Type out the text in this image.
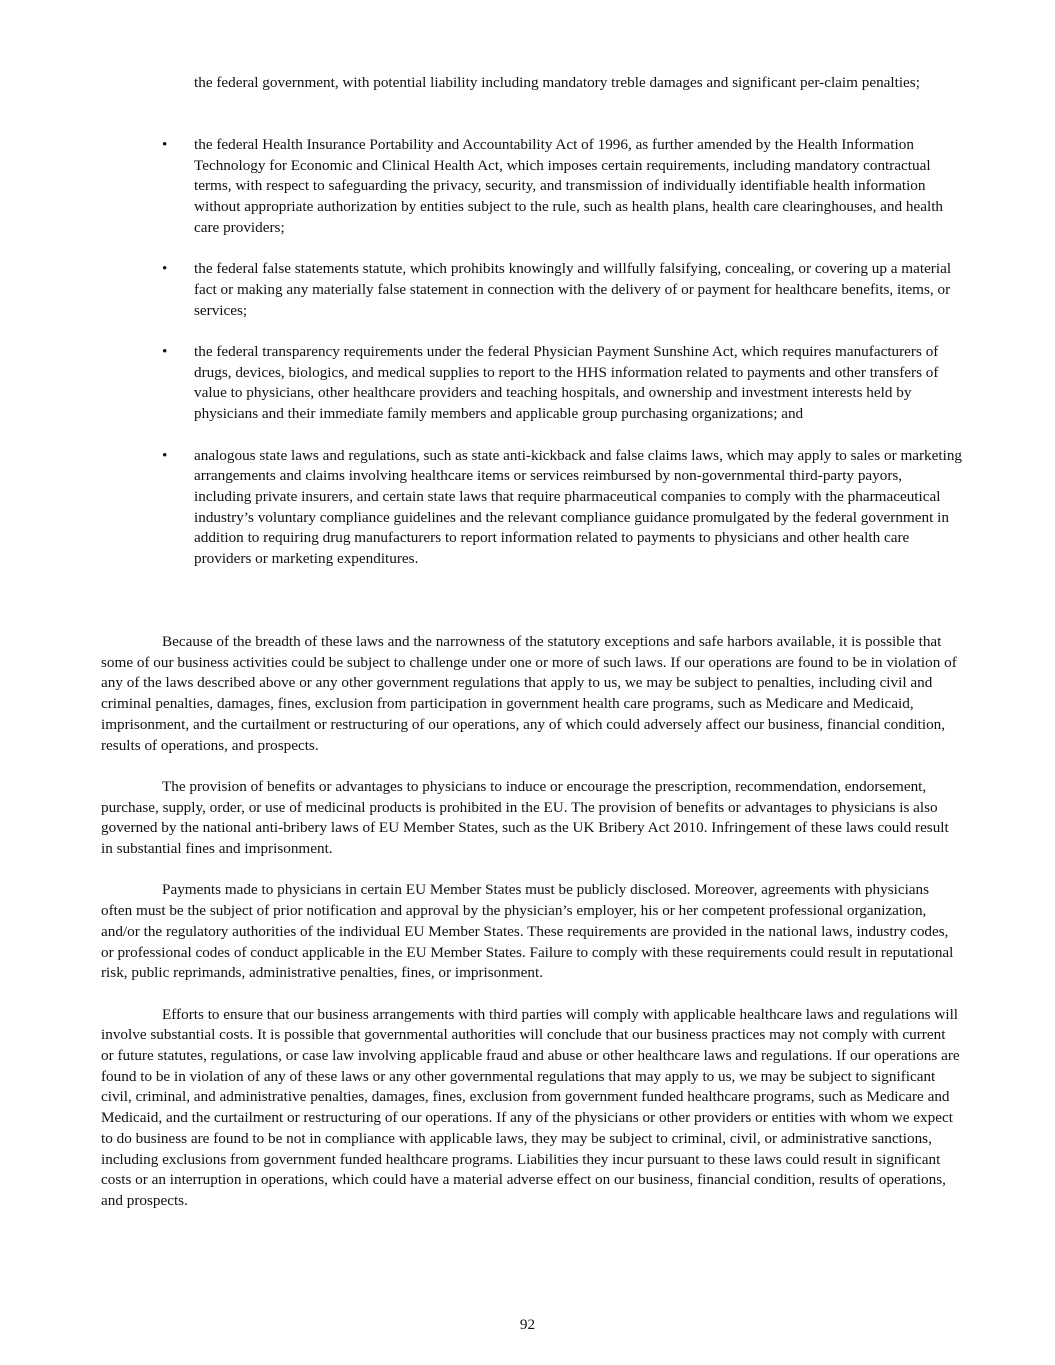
the federal government, with potential liability including mandatory treble damages and significant per-claim penalties;

•	the federal Health Insurance Portability and Accountability Act of 1996, as further amended by the Health Information Technology for Economic and Clinical Health Act, which imposes certain requirements, including mandatory contractual terms, with respect to safeguarding the privacy, security, and transmission of individually identifiable health information without appropriate authorization by entities subject to the rule, such as health plans, health care clearinghouses, and health care providers;
•	the federal false statements statute, which prohibits knowingly and willfully falsifying, concealing, or covering up a material fact or making any materially false statement in connection with the delivery of or payment for healthcare benefits, items, or services;
•	the federal transparency requirements under the federal Physician Payment Sunshine Act, which requires manufacturers of drugs, devices, biologics, and medical supplies to report to the HHS information related to payments and other transfers of value to physicians, other healthcare providers and teaching hospitals, and ownership and investment interests held by physicians and their immediate family members and applicable group purchasing organizations; and
•	analogous state laws and regulations, such as state anti-kickback and false claims laws, which may apply to sales or marketing arrangements and claims involving healthcare items or services reimbursed by non-governmental third-party payors, including private insurers, and certain state laws that require pharmaceutical companies to comply with the pharmaceutical industry’s voluntary compliance guidelines and the relevant compliance guidance promulgated by the federal government in addition to requiring drug manufacturers to report information related to payments to physicians and other health care providers or marketing expenditures.

Because of the breadth of these laws and the narrowness of the statutory exceptions and safe harbors available, it is possible that some of our business activities could be subject to challenge under one or more of such laws. If our operations are found to be in violation of any of the laws described above or any other government regulations that apply to us, we may be subject to penalties, including civil and criminal penalties, damages, fines, exclusion from participation in government health care programs, such as Medicare and Medicaid, imprisonment, and the curtailment or restructuring of our operations, any of which could adversely affect our business, financial condition, results of operations, and prospects.

The provision of benefits or advantages to physicians to induce or encourage the prescription, recommendation, endorsement, purchase, supply, order, or use of medicinal products is prohibited in the EU. The provision of benefits or advantages to physicians is also governed by the national anti-bribery laws of EU Member States, such as the UK Bribery Act 2010. Infringement of these laws could result in substantial fines and imprisonment.

Payments made to physicians in certain EU Member States must be publicly disclosed. Moreover, agreements with physicians often must be the subject of prior notification and approval by the physician’s employer, his or her competent professional organization, and/or the regulatory authorities of the individual EU Member States. These requirements are provided in the national laws, industry codes, or professional codes of conduct applicable in the EU Member States. Failure to comply with these requirements could result in reputational risk, public reprimands, administrative penalties, fines, or imprisonment.

Efforts to ensure that our business arrangements with third parties will comply with applicable healthcare laws and regulations will involve substantial costs. It is possible that governmental authorities will conclude that our business practices may not comply with current or future statutes, regulations, or case law involving applicable fraud and abuse or other healthcare laws and regulations. If our operations are found to be in violation of any of these laws or any other governmental regulations that may apply to us, we may be subject to significant civil, criminal, and administrative penalties, damages, fines, exclusion from government funded healthcare programs, such as Medicare and Medicaid, and the curtailment or restructuring of our operations. If any of the physicians or other providers or entities with whom we expect to do business are found to be not in compliance with applicable laws, they may be subject to criminal, civil, or administrative sanctions, including exclusions from government funded healthcare programs. Liabilities they incur pursuant to these laws could result in significant costs or an interruption in operations, which could have a material adverse effect on our business, financial condition, results of operations, and prospects.

92
